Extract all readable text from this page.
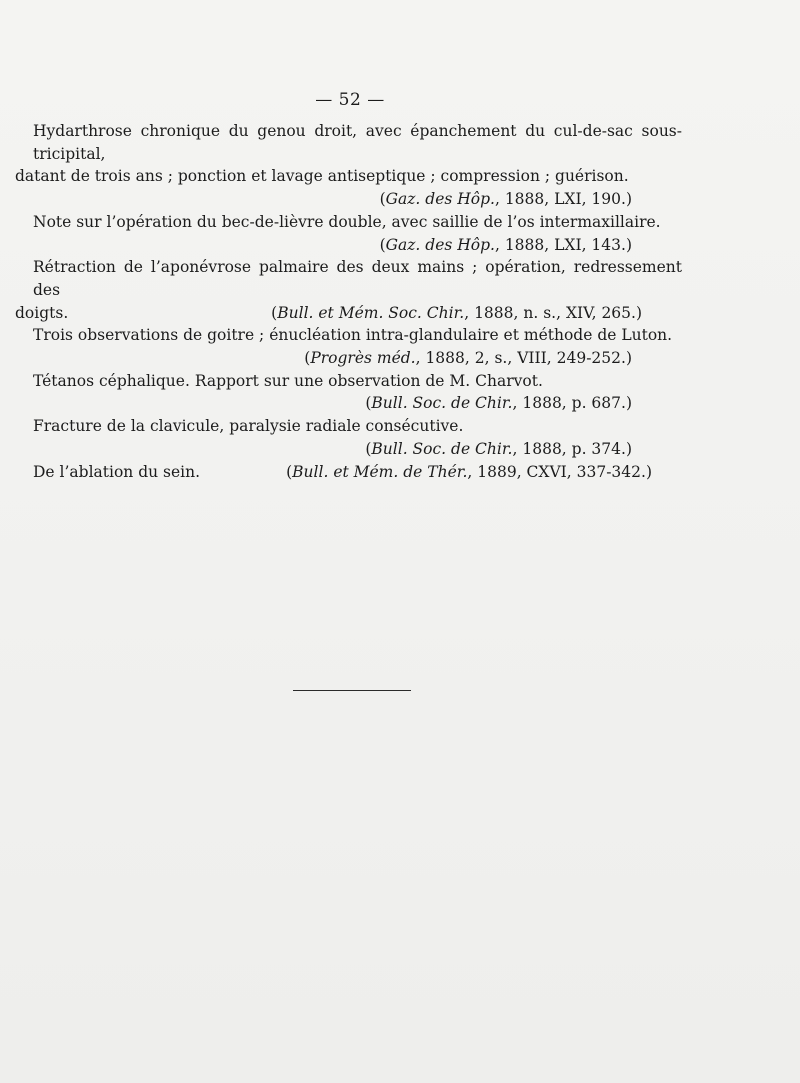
— 52 —
Hydarthrose chronique du genou droit, avec épanchement du cul-de-sac sous-tricipital,
datant de trois ans ; ponction et lavage antiseptique ; compression ; guérison.
(Gaz. des Hôp., 1888, LXI, 190.)
Note sur l’opération du bec-de-lièvre double, avec saillie de l’os intermaxillaire.
(Gaz. des Hôp., 1888, LXI, 143.)
Rétraction de l’aponévrose palmaire des deux mains ; opération, redressement des
doigts.	(Bull. et Mém. Soc. Chir., 1888, n. s., XIV, 265.)
Trois observations de goitre ; énucléation intra-glandulaire et méthode de Luton.
(Progrès méd., 1888, 2, s., VIII, 249-252.)
Tétanos céphalique. Rapport sur une observation de M. Charvot.
(Bull. Soc. de Chir., 1888, p. 687.)
Fracture de la clavicule, paralysie radiale consécutive.
(Bull. Soc. de Chir., 1888, p. 374.)
De l’ablation du sein.	(Bull. et Mém. de Thér., 1889, CXVI, 337-342.)
